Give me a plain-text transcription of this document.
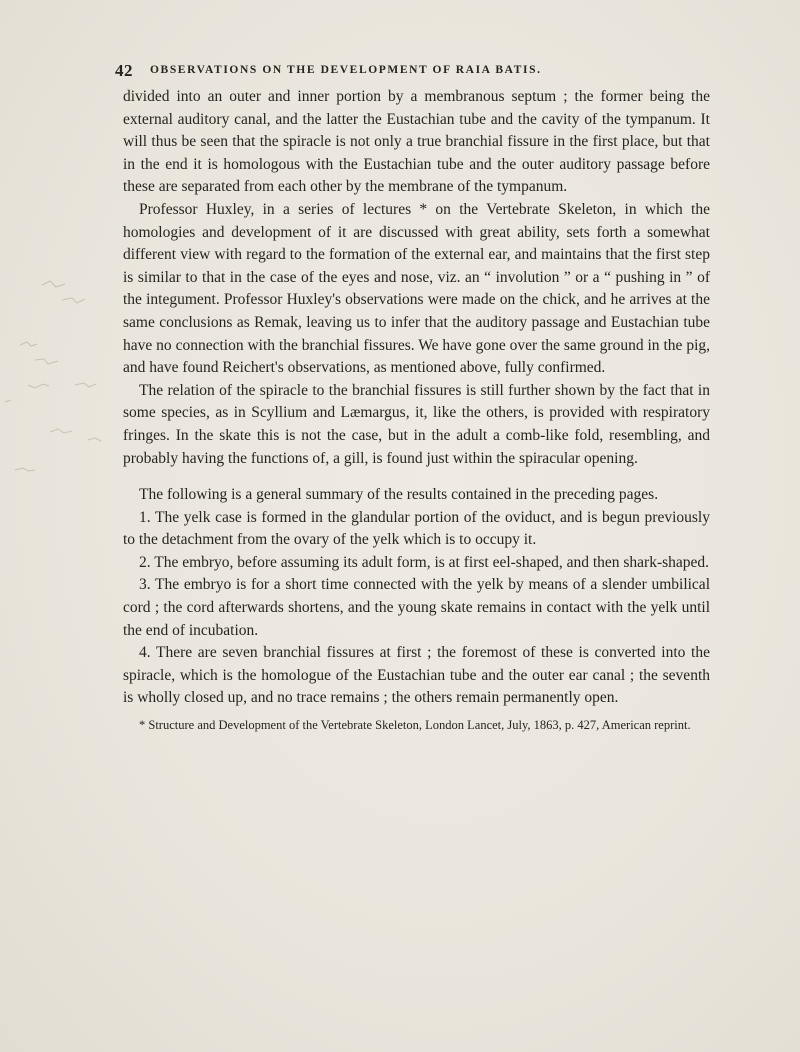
42 OBSERVATIONS ON THE DEVELOPMENT OF RAIA BATIS.

divided into an outer and inner portion by a membranous septum ; the former being the external auditory canal, and the latter the Eustachian tube and the cavity of the tympanum. It will thus be seen that the spiracle is not only a true branchial fissure in the first place, but that in the end it is homologous with the Eustachian tube and the outer auditory passage before these are separated from each other by the membrane of the tympanum.

Professor Huxley, in a series of lectures * on the Vertebrate Skeleton, in which the homologies and development of it are discussed with great ability, sets forth a somewhat different view with regard to the formation of the external ear, and maintains that the first step is similar to that in the case of the eyes and nose, viz. an “ involution ” or a “ pushing in ” of the integument. Professor Huxley's observations were made on the chick, and he arrives at the same conclusions as Remak, leaving us to infer that the auditory passage and Eustachian tube have no connection with the branchial fissures. We have gone over the same ground in the pig, and have found Reichert's observations, as mentioned above, fully confirmed.

The relation of the spiracle to the branchial fissures is still further shown by the fact that in some species, as in Scyllium and Læmargus, it, like the others, is provided with respiratory fringes. In the skate this is not the case, but in the adult a comb-like fold, resembling, and probably having the functions of, a gill, is found just within the spiracular opening.

The following is a general summary of the results contained in the preceding pages.

1. The yelk case is formed in the glandular portion of the oviduct, and is begun previously to the detachment from the ovary of the yelk which is to occupy it.

2. The embryo, before assuming its adult form, is at first eel-shaped, and then shark-shaped.

3. The embryo is for a short time connected with the yelk by means of a slender umbilical cord ; the cord afterwards shortens, and the young skate remains in contact with the yelk until the end of incubation.

4. There are seven branchial fissures at first ; the foremost of these is converted into the spiracle, which is the homologue of the Eustachian tube and the outer ear canal ; the seventh is wholly closed up, and no trace remains ; the others remain permanently open.

* Structure and Development of the Vertebrate Skeleton, London Lancet, July, 1863, p. 427, American reprint.
